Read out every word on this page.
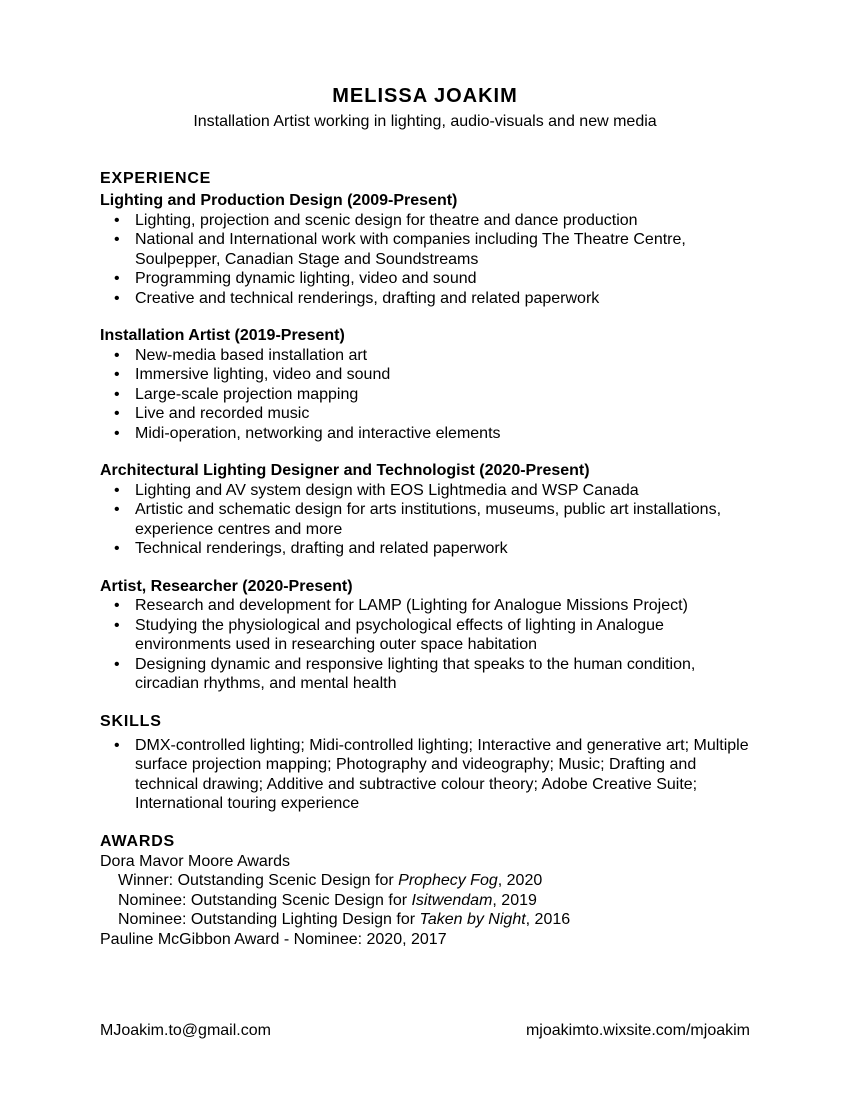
MELISSA JOAKIM

Installation Artist working in lighting, audio-visuals and new media

EXPERIENCE
Lighting and Production Design (2009-Present)
• Lighting, projection and scenic design for theatre and dance production
• National and International work with companies including The Theatre Centre, Soulpepper, Canadian Stage and Soundstreams
• Programming dynamic lighting, video and sound
• Creative and technical renderings, drafting and related paperwork
Installation Artist (2019-Present)
• New-media based installation art
• Immersive lighting, video and sound
• Large-scale projection mapping
• Live and recorded music
• Midi-operation, networking and interactive elements
Architectural Lighting Designer and Technologist (2020-Present)
• Lighting and AV system design with EOS Lightmedia and WSP Canada
• Artistic and schematic design for arts institutions, museums, public art installations, experience centres and more
• Technical renderings, drafting and related paperwork
Artist, Researcher (2020-Present)
• Research and development for LAMP (Lighting for Analogue Missions Project)
• Studying the physiological and psychological effects of lighting in Analogue environments used in researching outer space habitation
• Designing dynamic and responsive lighting that speaks to the human condition, circadian rhythms, and mental health
SKILLS
• DMX-controlled lighting; Midi-controlled lighting; Interactive and generative art; Multiple surface projection mapping; Photography and videography; Music; Drafting and technical drawing; Additive and subtractive colour theory; Adobe Creative Suite; International touring experience
AWARDS
Dora Mavor Moore Awards
Winner: Outstanding Scenic Design for Prophecy Fog, 2020
Nominee: Outstanding Scenic Design for Isitwendam, 2019
Nominee: Outstanding Lighting Design for Taken by Night, 2016
Pauline McGibbon Award - Nominee: 2020, 2017
MJoakim.to@gmail.com	mjoakimto.wixsite.com/mjoakim
